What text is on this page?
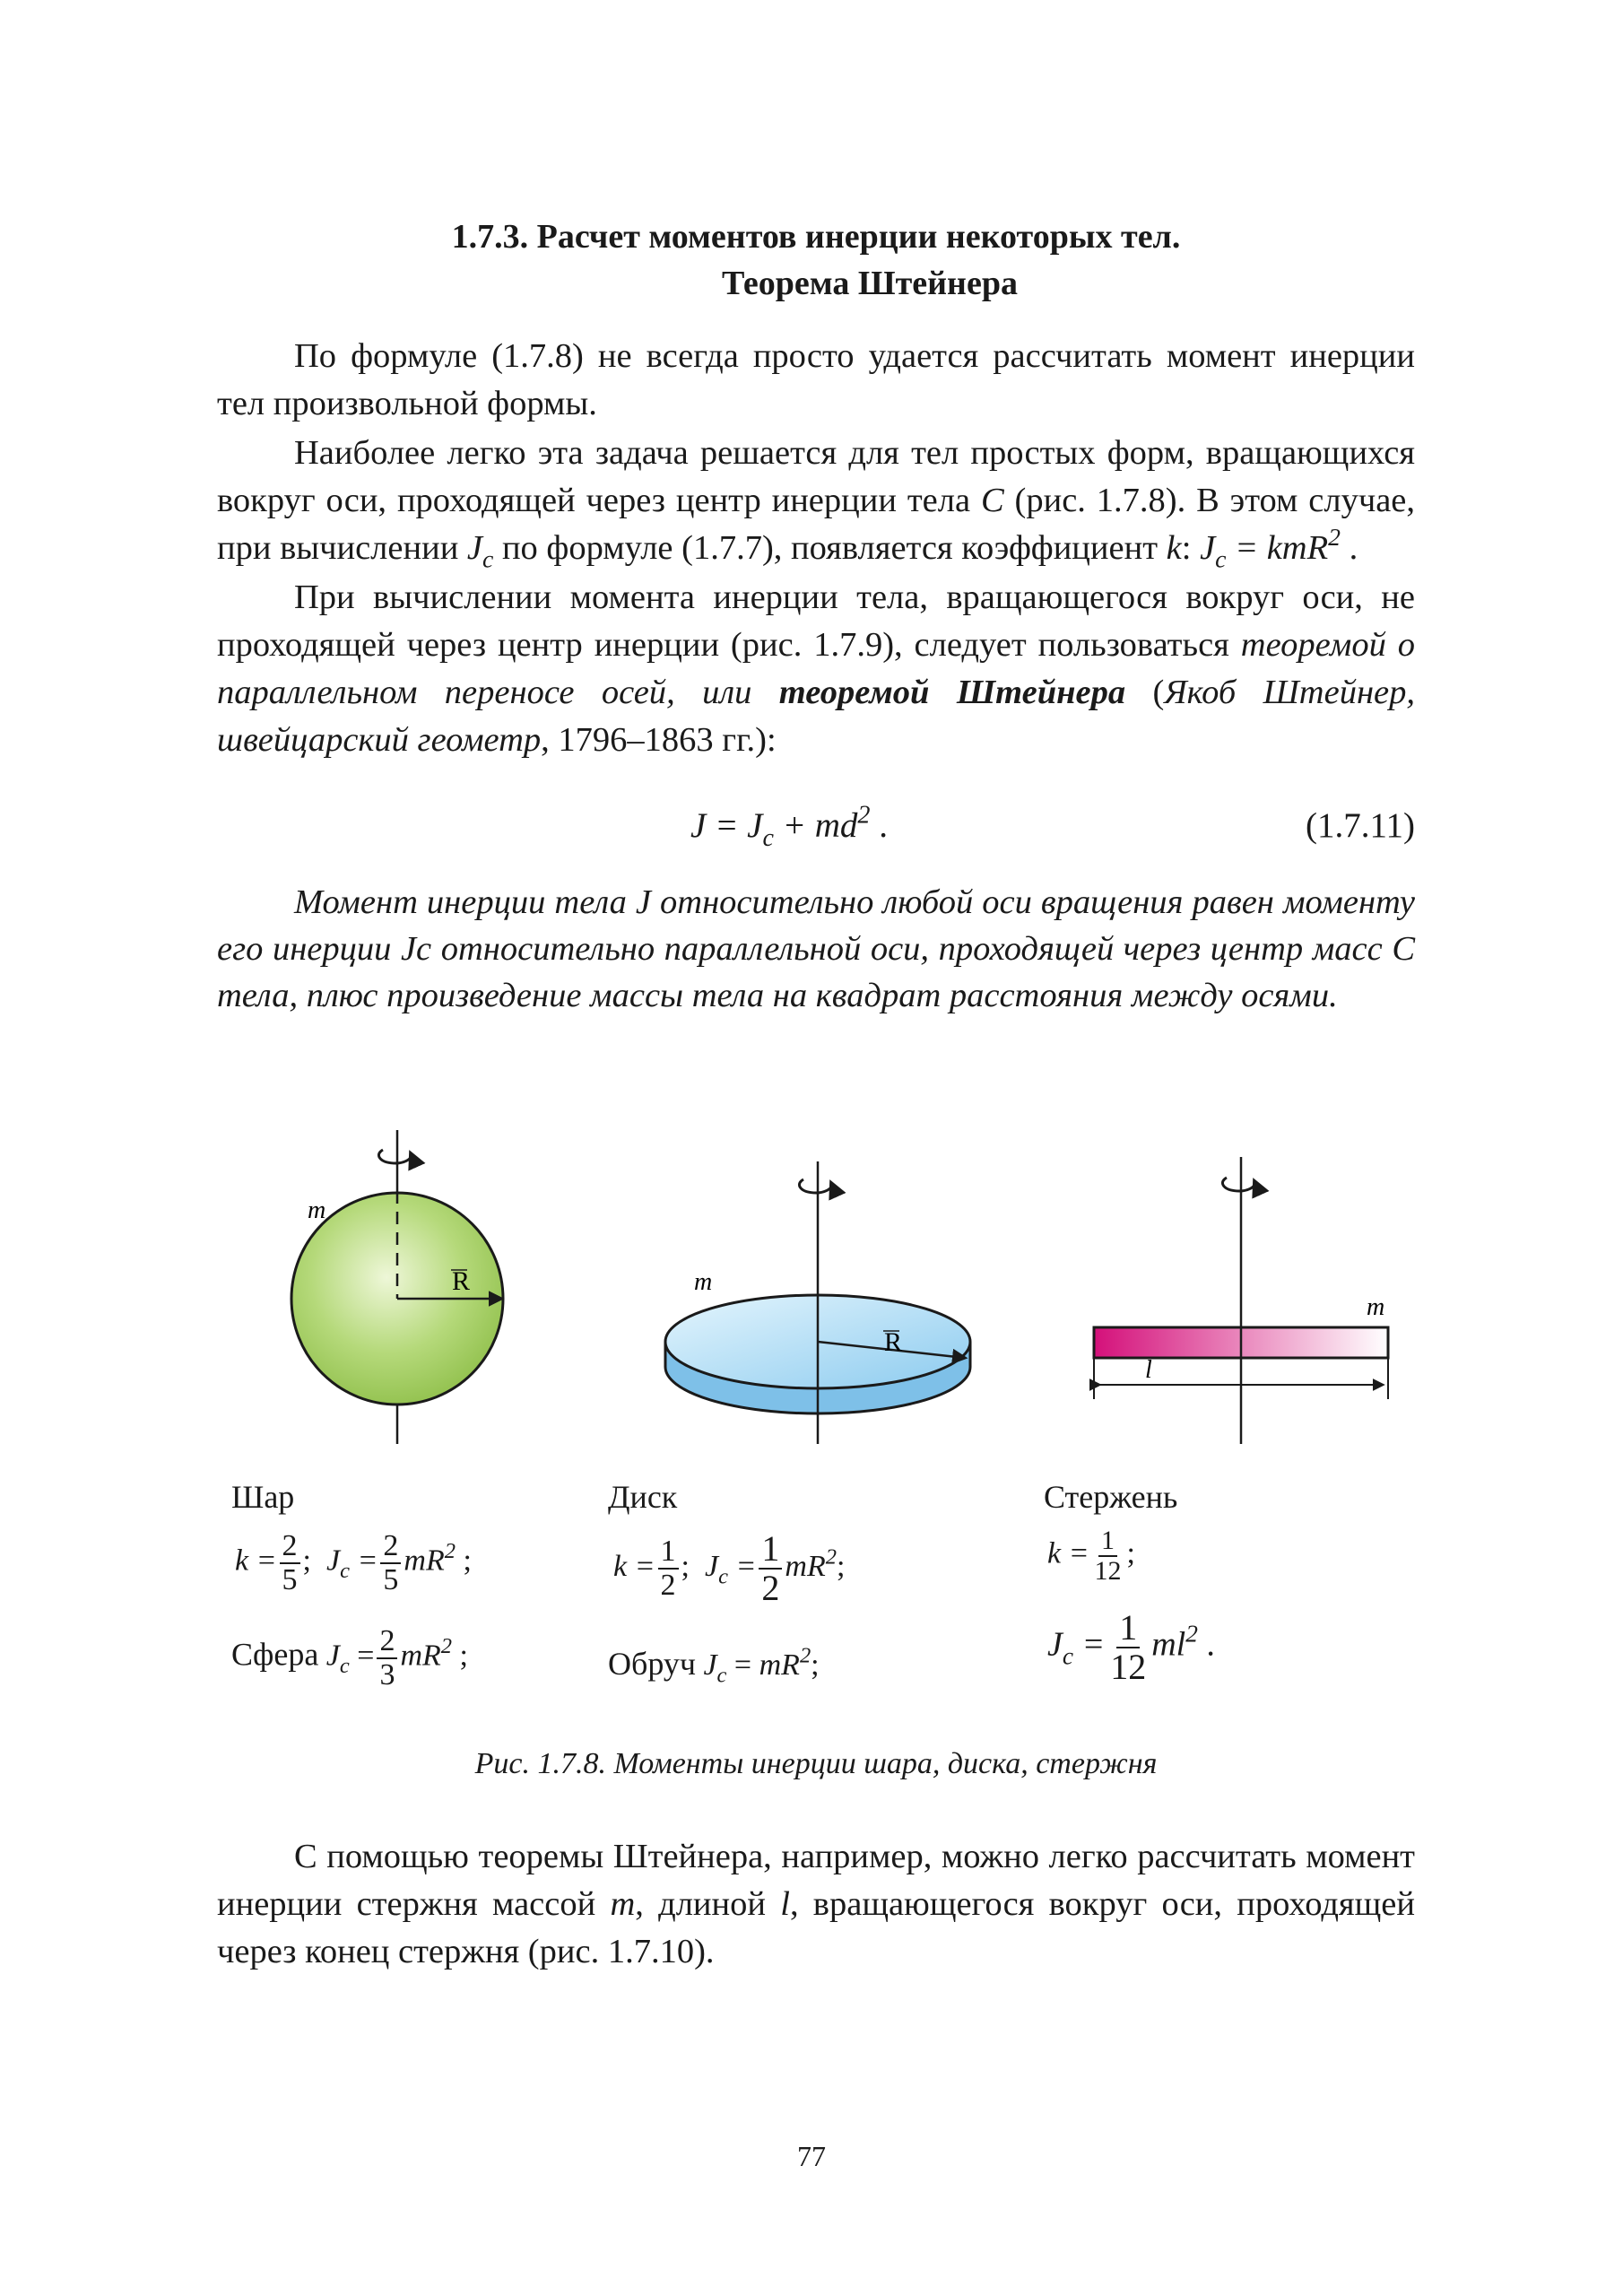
1.7.3. Расчет моментов инерции некоторых тел.
Теорема Штейнера

По формуле (1.7.8) не всегда просто удается рассчитать момент инерции тел произвольной формы.

Наиболее легко эта задача решается для тел простых форм, вращающихся вокруг оси, проходящей через центр инерции тела C (рис. 1.7.8). В этом случае, при вычислении $J_c$ по формуле (1.7.7), появляется коэффициент k: $J_c = kmR^2$ .

При вычислении момента инерции тела, вращающегося вокруг оси, не проходящей через центр инерции (рис. 1.7.9), следует пользоваться теоремой о параллельном переносе осей, или теоремой Штейнера (Якоб Штейнер, швейцарский геометр, 1796–1863 гг.):

$J = J_c + md^2$ .	(1.7.11)

Момент инерции тела J относительно любой оси вращения равен моменту его инерции Jc относительно параллельной оси, проходящей через центр масс C тела, плюс произведение массы тела на квадрат расстояния между осями.

m
R	m
R
m
l
Шар
$k = \frac{2}{5}$ ;  $J_c = \frac{2}{5} mR^2$ ;
Сфера $J_c = \frac{2}{3} mR^2$ ;
Диск
$k = \frac{1}{2}$ ;  $J_c = \frac{1}{2} mR^2$;
Обруч $J_c = mR^2$;
Стержень
$k = \frac{1}{12}$ ;
$J_c = \frac{1}{12} ml^2$ .
Рис. 1.7.8. Моменты инерции шара, диска, стержня

С помощью теоремы Штейнера, например, можно легко рассчитать момент инерции стержня массой m, длиной l, вращающегося вокруг оси, проходящей через конец стержня (рис. 1.7.10).

77
